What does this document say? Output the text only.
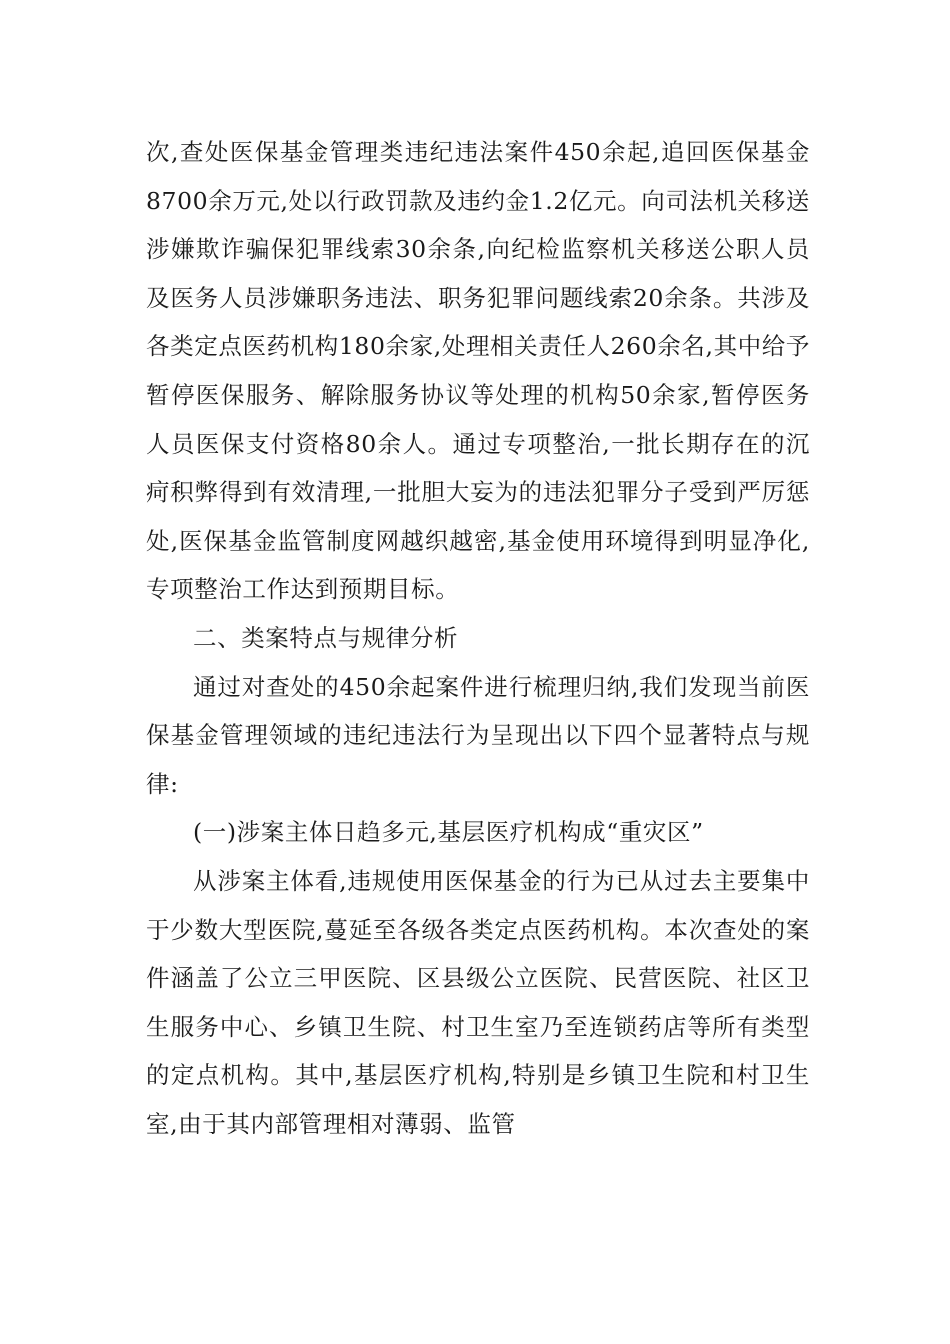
次,查处医保基金管理类违纪违法案件450余起,追回医保基金8700余万元,处以行政罚款及违约金1.2亿元。向司法机关移送涉嫌欺诈骗保犯罪线索30余条,向纪检监察机关移送公职人员及医务人员涉嫌职务违法、职务犯罪问题线索20余条。共涉及各类定点医药机构180余家,处理相关责任人260余名,其中给予暂停医保服务、解除服务协议等处理的机构50余家,暂停医务人员医保支付资格80余人。通过专项整治,一批长期存在的沉疴积弊得到有效清理,一批胆大妄为的违法犯罪分子受到严厉惩处,医保基金监管制度网越织越密,基金使用环境得到明显净化,专项整治工作达到预期目标。

二、类案特点与规律分析

通过对查处的450余起案件进行梳理归纳,我们发现当前医保基金管理领域的违纪违法行为呈现出以下四个显著特点与规律:

(一)涉案主体日趋多元,基层医疗机构成“重灾区”

从涉案主体看,违规使用医保基金的行为已从过去主要集中于少数大型医院,蔓延至各级各类定点医药机构。本次查处的案件涵盖了公立三甲医院、区县级公立医院、民营医院、社区卫生服务中心、乡镇卫生院、村卫生室乃至连锁药店等所有类型的定点机构。其中,基层医疗机构,特别是乡镇卫生院和村卫生室,由于其内部管理相对薄弱、监管
